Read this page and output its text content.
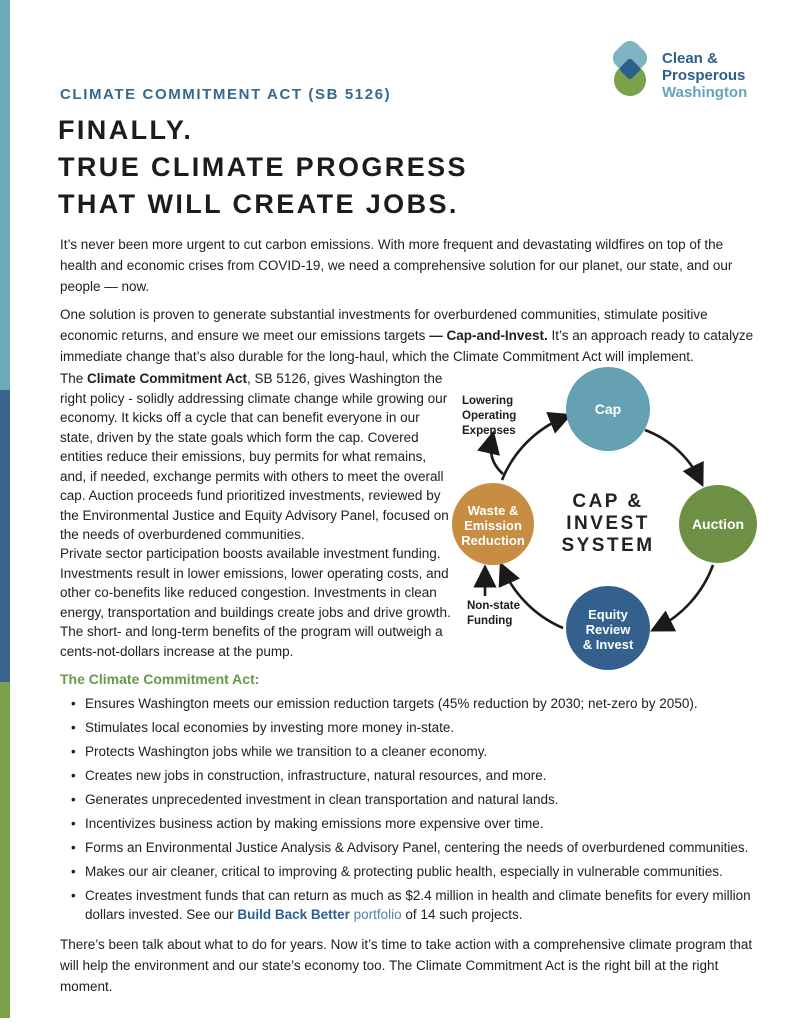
Clean &
Prosperous
Washington
CLIMATE COMMITMENT ACT (SB 5126)
FINALLY.
TRUE CLIMATE PROGRESS
THAT WILL CREATE JOBS.
It’s never been more urgent to cut carbon emissions. With more frequent and devastating wildfires on top of the health and economic crises from COVID-19, we need a comprehensive solution for our planet, our state, and our people — now.
One solution is proven to generate substantial investments for overburdened communities, stimulate positive economic returns, and ensure we meet our emissions targets — Cap-and-Invest. It’s an approach ready to catalyze immediate change that’s also durable for the long-haul, which the Climate Commitment Act will implement.
The Climate Commitment Act, SB 5126, gives Washington the right policy - solidly addressing climate change while growing our economy. It kicks off a cycle that can benefit everyone in our state, driven by the state goals which form the cap. Covered entities reduce their emissions, buy permits for what remains, and, if needed, exchange permits with others to meet the overall cap. Auction proceeds fund prioritized investments, reviewed by the Environmental Justice and Equity Advisory Panel, focused on the needs of overburdened communities.
Private sector participation boosts available investment funding. Investments result in lower emissions, lower operating costs, and other co-benefits like reduced congestion. Investments in clean energy, transportation and buildings create jobs and drive growth. The short- and long-term benefits of the program will outweigh a cents-not-dollars increase at the pump.
Cap
Auction
Equity
Review
& Invest
Waste &
Emission
Reduction
CAP &
INVEST
SYSTEM
Lowering
Operating
Expenses
Non-state
Funding
The Climate Commitment Act:
• Ensures Washington meets our emission reduction targets (45% reduction by 2030; net-zero by 2050).
• Stimulates local economies by investing more money in-state.
• Protects Washington jobs while we transition to a cleaner economy.
• Creates new jobs in construction, infrastructure, natural resources, and more.
• Generates unprecedented investment in clean transportation and natural lands.
• Incentivizes business action by making emissions more expensive over time.
• Forms an Environmental Justice Analysis & Advisory Panel, centering the needs of overburdened communities.
• Makes our air cleaner, critical to improving & protecting public health, especially in vulnerable communities.
• Creates investment funds that can return as much as $2.4 million in health and climate benefits for every million dollars invested. See our Build Back Better portfolio of 14 such projects.
There’s been talk about what to do for years. Now it’s time to take action with a comprehensive climate program that will help the environment and our state’s economy too. The Climate Commitment Act is the right bill at the right moment.
